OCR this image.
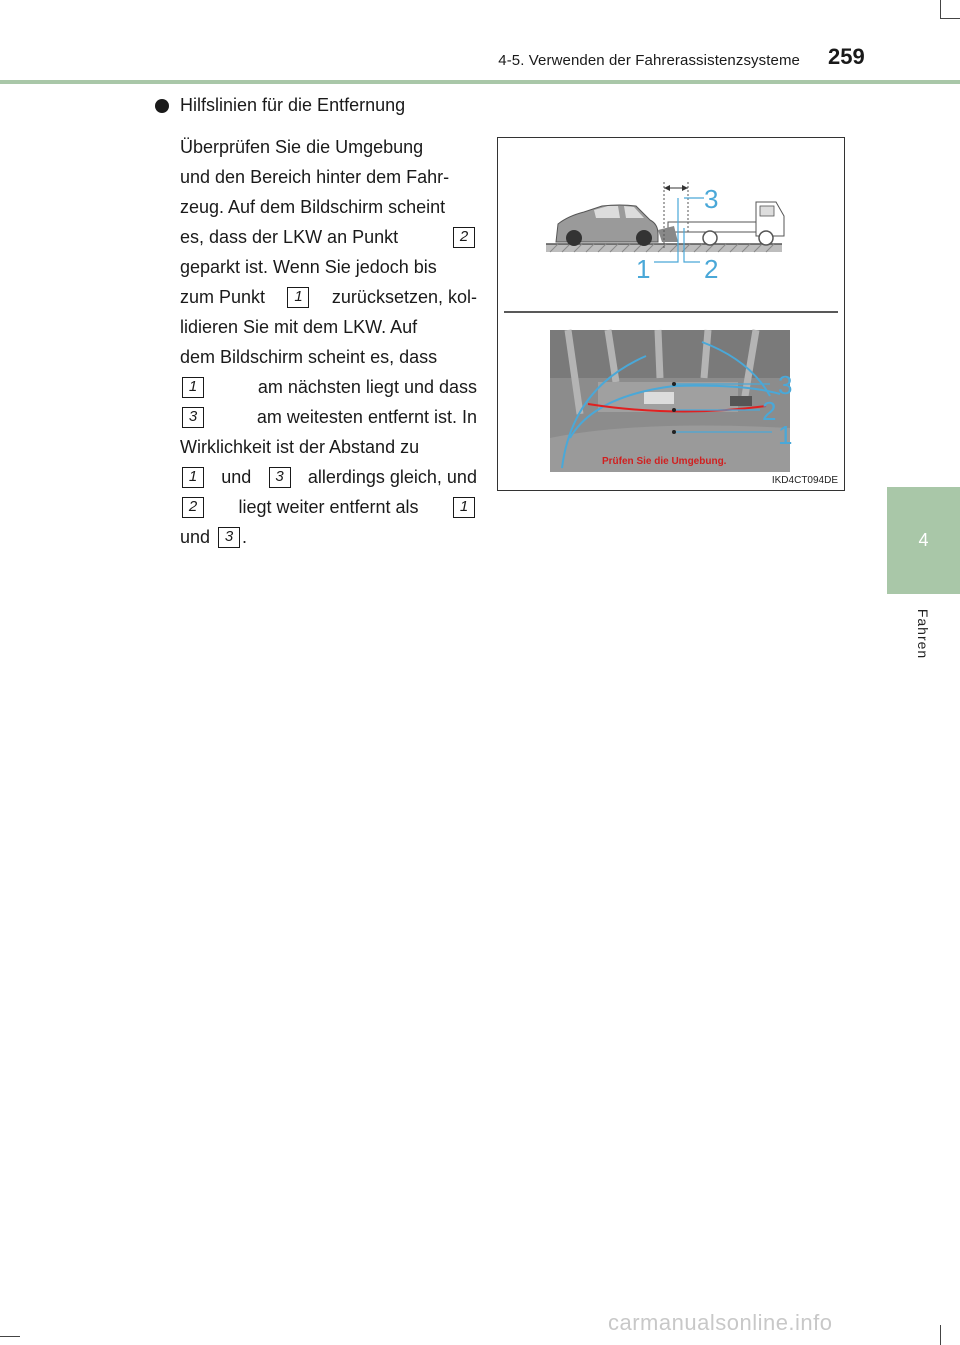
4-5. Verwenden der Fahrerassistenzsysteme 259
4
Fahren
Hilfslinien für die Entfernung
Überprüfen Sie die Umgebung
und den Bereich hinter dem Fahr-
zeug. Auf dem Bildschirm scheint
es, dass der LKW an Punkt	2
geparkt ist. Wenn Sie jedoch bis
zum Punkt	1	zurücksetzen, kol-
lidieren Sie mit dem LKW. Auf
dem Bildschirm scheint es, dass
1	am nächsten liegt und dass
3	am weitesten entfernt ist. In
Wirklichkeit ist der Abstand zu
1	und	3	allerdings gleich, und
2	liegt weiter entfernt als	1
und 3 .
3
1 2
3
2
1
Prüfen Sie die Umgebung.
IKD4CT094DE
carmanualsonline.info
